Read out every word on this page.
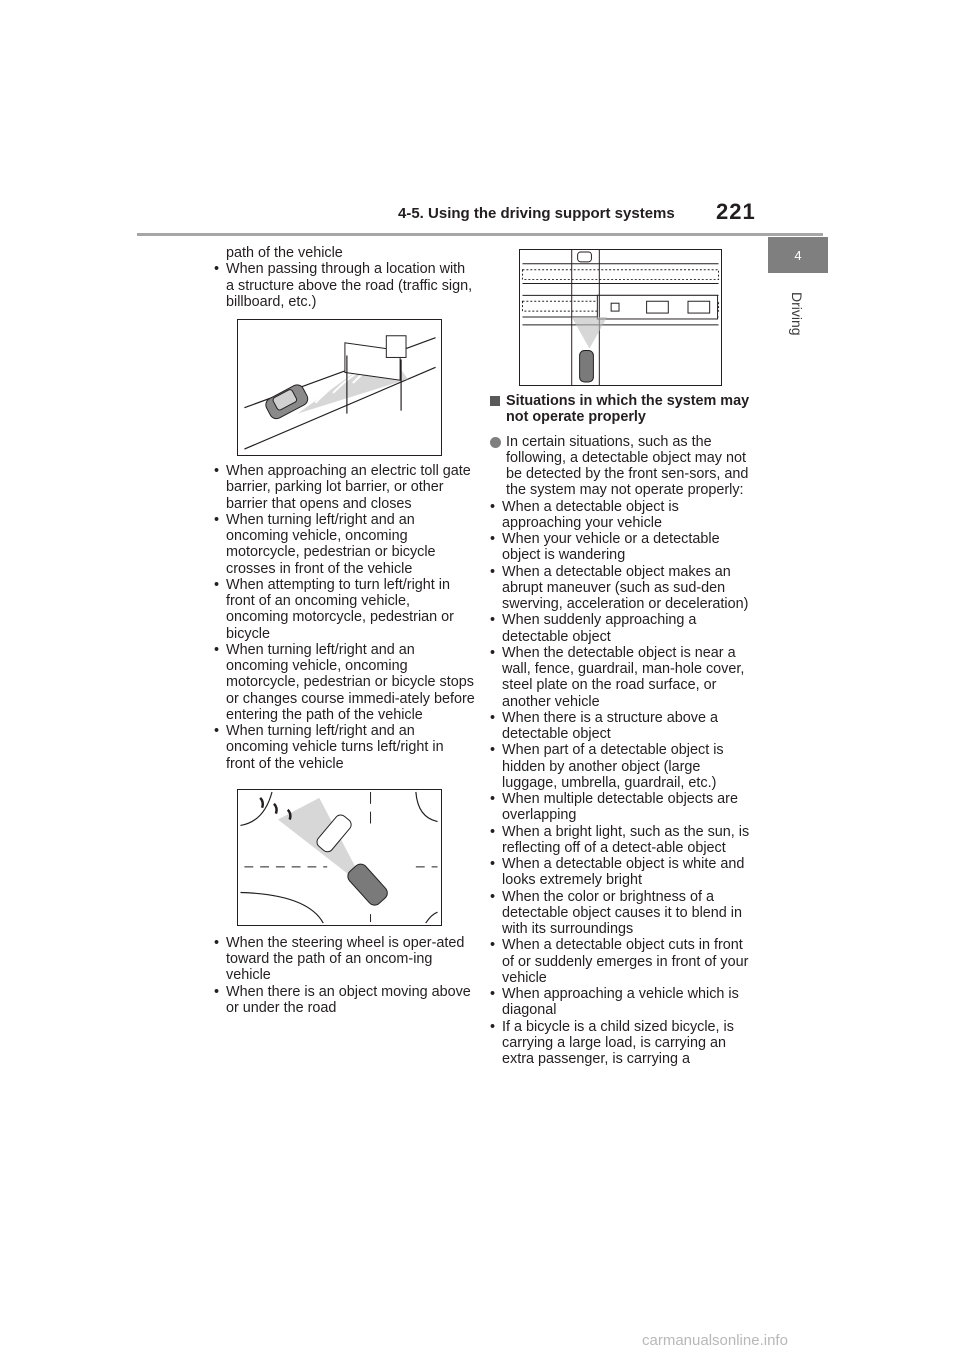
4-5. Using the driving support systems	221
4
Driving

path of the vehicle

• When passing through a location with a structure above the road (traffic sign, billboard, etc.)
• When approaching an electric toll gate barrier, parking lot barrier, or other barrier that opens and closes
• When turning left/right and an oncoming vehicle, oncoming motorcycle, pedestrian or bicycle crosses in front of the vehicle
• When attempting to turn left/right in front of an oncoming vehicle, oncoming motorcycle, pedestrian or bicycle
• When turning left/right and an oncoming vehicle, oncoming motorcycle, pedestrian or bicycle stops or changes course immedi-ately before entering the path of the vehicle
• When turning left/right and an oncoming vehicle turns left/right in front of the vehicle
• When the steering wheel is oper-ated toward the path of an oncom-ing vehicle
• When there is an object moving above or under the road
Situations in which the system may not operate properly
In certain situations, such as the following, a detectable object may not be detected by the front sen-sors, and the system may not operate properly:
• When a detectable object is approaching your vehicle
• When your vehicle or a detectable object is wandering
• When a detectable object makes an abrupt maneuver (such as sud-den swerving, acceleration or deceleration)
• When suddenly approaching a detectable object
• When the detectable object is near a wall, fence, guardrail, man-hole cover, steel plate on the road surface, or another vehicle
• When there is a structure above a detectable object
• When part of a detectable object is hidden by another object (large luggage, umbrella, guardrail, etc.)
• When multiple detectable objects are overlapping
• When a bright light, such as the sun, is reflecting off of a detect-able object
• When a detectable object is white and looks extremely bright
• When the color or brightness of a detectable object causes it to blend in with its surroundings
• When a detectable object cuts in front of or suddenly emerges in front of your vehicle
• When approaching a vehicle which is diagonal
• If a bicycle is a child sized bicycle, is carrying a large load, is carrying an extra passenger, is carrying a
carmanualsonline.info
